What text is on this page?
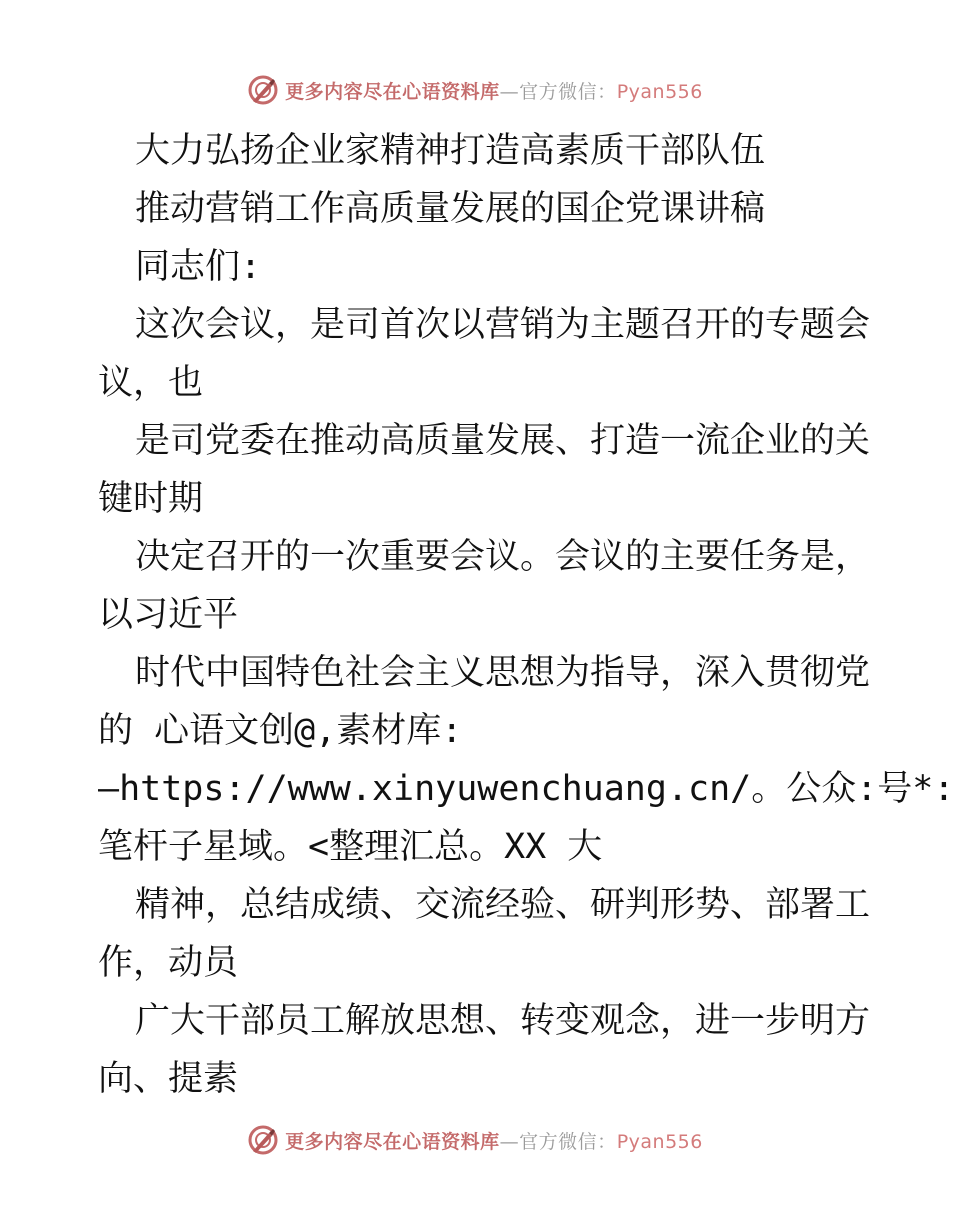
更多内容尽在心语资料库—官方微信：Pyan556
大力弘扬企业家精神打造高素质干部队伍
推动营销工作高质量发展的国企党课讲稿
同志们:
这次会议，是司首次以营销为主题召开的专题会
议，也
是司党委在推动高质量发展、打造一流企业的关
键时期
决定召开的一次重要会议。会议的主要任务是，
以习近平
时代中国特色社会主义思想为指导，深入贯彻党
的 心语文创@,素材库:
—https://www.xinyuwenchuang.cn/。公众:号*:
笔杆子星域。<整理汇总。XX 大
精神，总结成绩、交流经验、研判形势、部署工
作，动员
广大干部员工解放思想、转变观念，进一步明方
向、提素
更多内容尽在心语资料库—官方微信：Pyan556
